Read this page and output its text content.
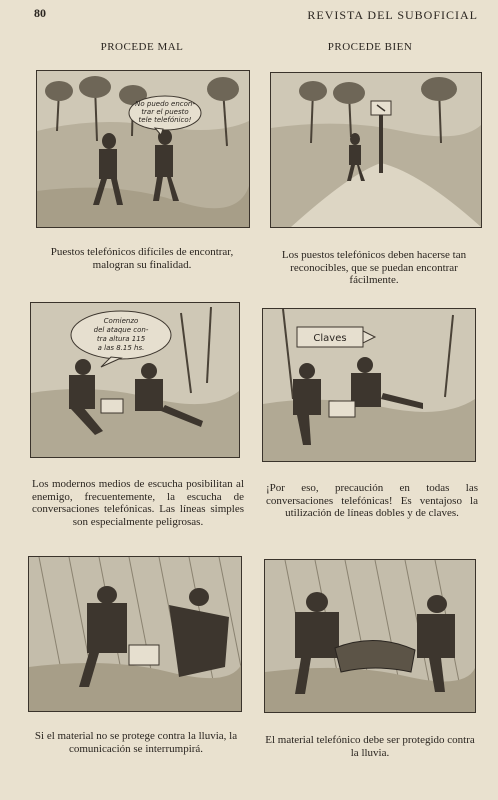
80	REVISTA DEL SUBOFICIAL
PROCEDE MAL	PROCEDE BIEN
No puedo encon-
trar el puesto
tele telefónico!

Puestos telefónicos difíciles de encontrar, malogran su finalidad.

Los puestos telefónicos deben hacerse tan reconocibles, que se puedan encontrar fácilmente.

Comienzo
del ataque con-
tra altura 115
a las 8.15 hs.
Claves

Los modernos medios de escucha posibilitan al enemigo, frecuentemente, la escucha de conversaciones telefónicas. Las líneas simples son especialmente peligrosas.

¡Por eso, precaución en todas las conversaciones telefónicas! Es ventajoso la utilización de líneas dobles y de claves.

Si el material no se protege contra la lluvia, la comunicación se interrumpirá.

El material telefónico debe ser protegido contra la lluvia.
